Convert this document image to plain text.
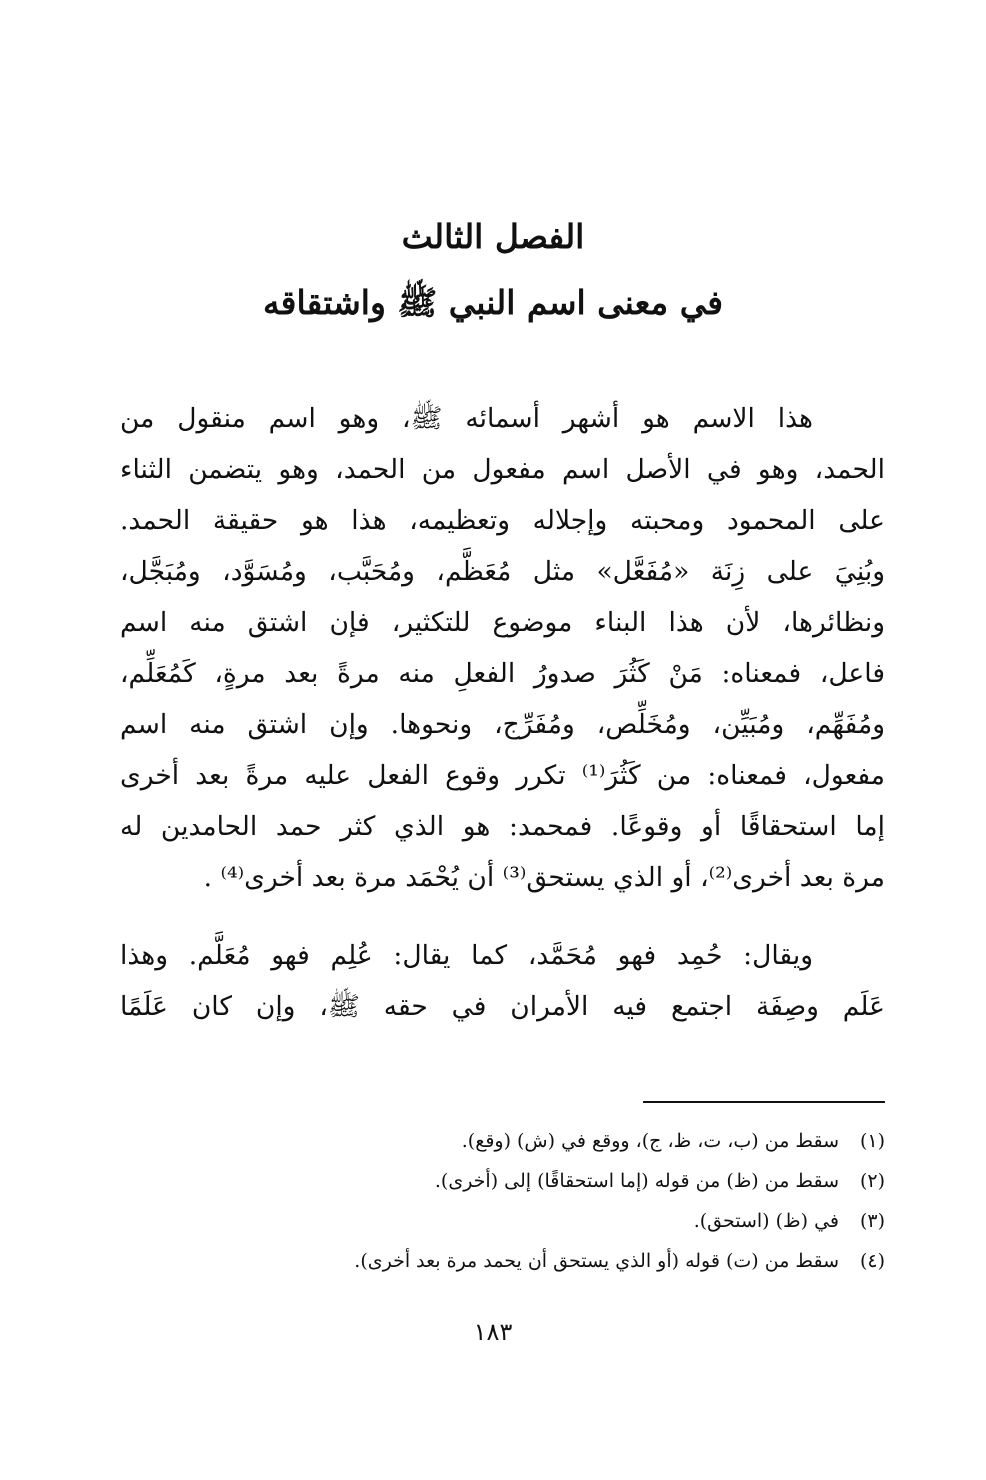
الفصل الثالث
في معنى اسم النبي ﷺ واشتقاقه
هذا الاسم هو أشهر أسمائه ﷺ، وهو اسم منقول من
الحمد، وهو في الأصل اسم مفعول من الحمد، وهو يتضمن الثناء
على المحمود ومحبته وإجلاله وتعظيمه، هذا هو حقيقة الحمد.
وبُنِيَ على زِنَة «مُفَعَّل» مثل مُعَظَّم، ومُحَبَّب، ومُسَوَّد، ومُبَجَّل،
ونظائرها، لأن هذا البناء موضوع للتكثير، فإن اشتق منه اسم
فاعل، فمعناه: مَنْ كَثُرَ صدورُ الفعلِ منه مرةً بعد مرةٍ، كَمُعَلِّم،
ومُفَهِّم، ومُبَيِّن، ومُخَلِّص، ومُفَرِّج، ونحوها. وإن اشتق منه اسم
مفعول، فمعناه: من كَثُرَ⁽¹⁾ تكرر وقوع الفعل عليه مرةً بعد أخرى
إما استحقاقًا أو وقوعًا. فمحمد: هو الذي كثر حمد الحامدين له
مرة بعد أخرى⁽²⁾، أو الذي يستحق⁽³⁾ أن يُحْمَد مرة بعد أخرى⁽⁴⁾ .
ويقال: حُمِد فهو مُحَمَّد، كما يقال: عُلِم فهو مُعَلَّم. وهذا
عَلَم وصِفَة اجتمع فيه الأمران في حقه ﷺ، وإن كان عَلَمًا
(١)
سقط من (ب، ت، ظ، ج)، ووقع في (ش) (وقع).
(٢)
سقط من (ظ) من قوله (إما استحقاقًا) إلى (أخرى).
(٣)
في (ظ) (استحق).
(٤)
سقط من (ت) قوله (أو الذي يستحق أن يحمد مرة بعد أخرى).
١٨٣
